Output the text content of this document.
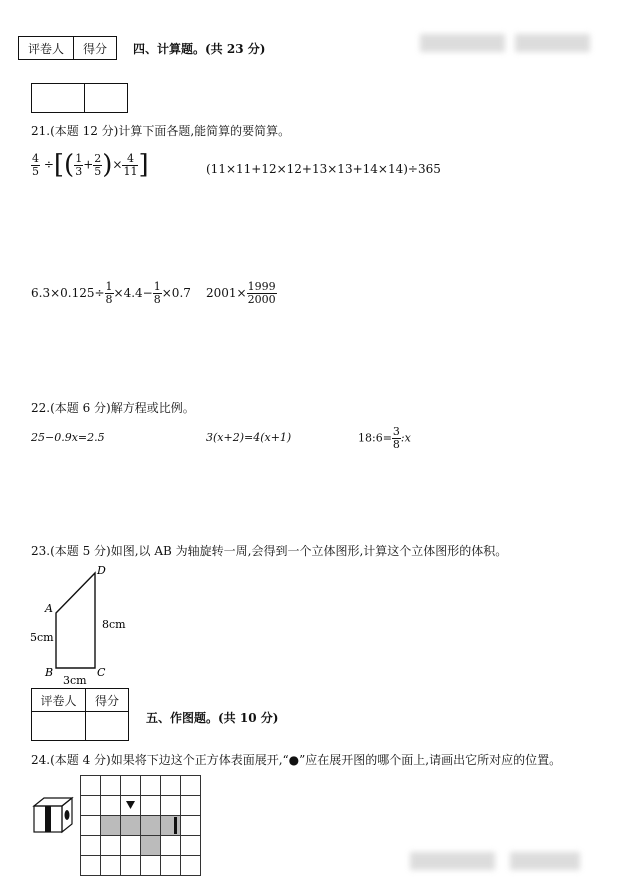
评卷人	得分 四、计算题。(共 23 分)

21.(本题 12 分)计算下面各题,能简算的要简算。
$\frac{4}{5}$ ÷[( $\frac{1}{3} + \frac{2}{5}$ )× $\frac{4}{11}$ ]	(11×11+12×12+13×13+14×14)÷365
$6.3\times 0.125\div \frac{1}{8} \times 4.4- \frac{1}{8} \times 0.7$ $2001\times \frac{1999}{2000}$
22.(本题 6 分)解方程或比例。
25−0.9x=2.5	3(x+2)=4(x+1)	18:6= $\frac{3}{8}$ :x
23.(本题 5 分)如图,以 AB 为轴旋转一周,会得到一个立体图形,计算这个立体图形的体积。
D
A
B	C
5cm
8cm
3cm
评卷人	得分

五、作图题。(共 10 分)
24.(本题 4 分)如果将下边这个正方体表面展开,“●”应在展开图的哪个面上,请画出它所对应的位置。
